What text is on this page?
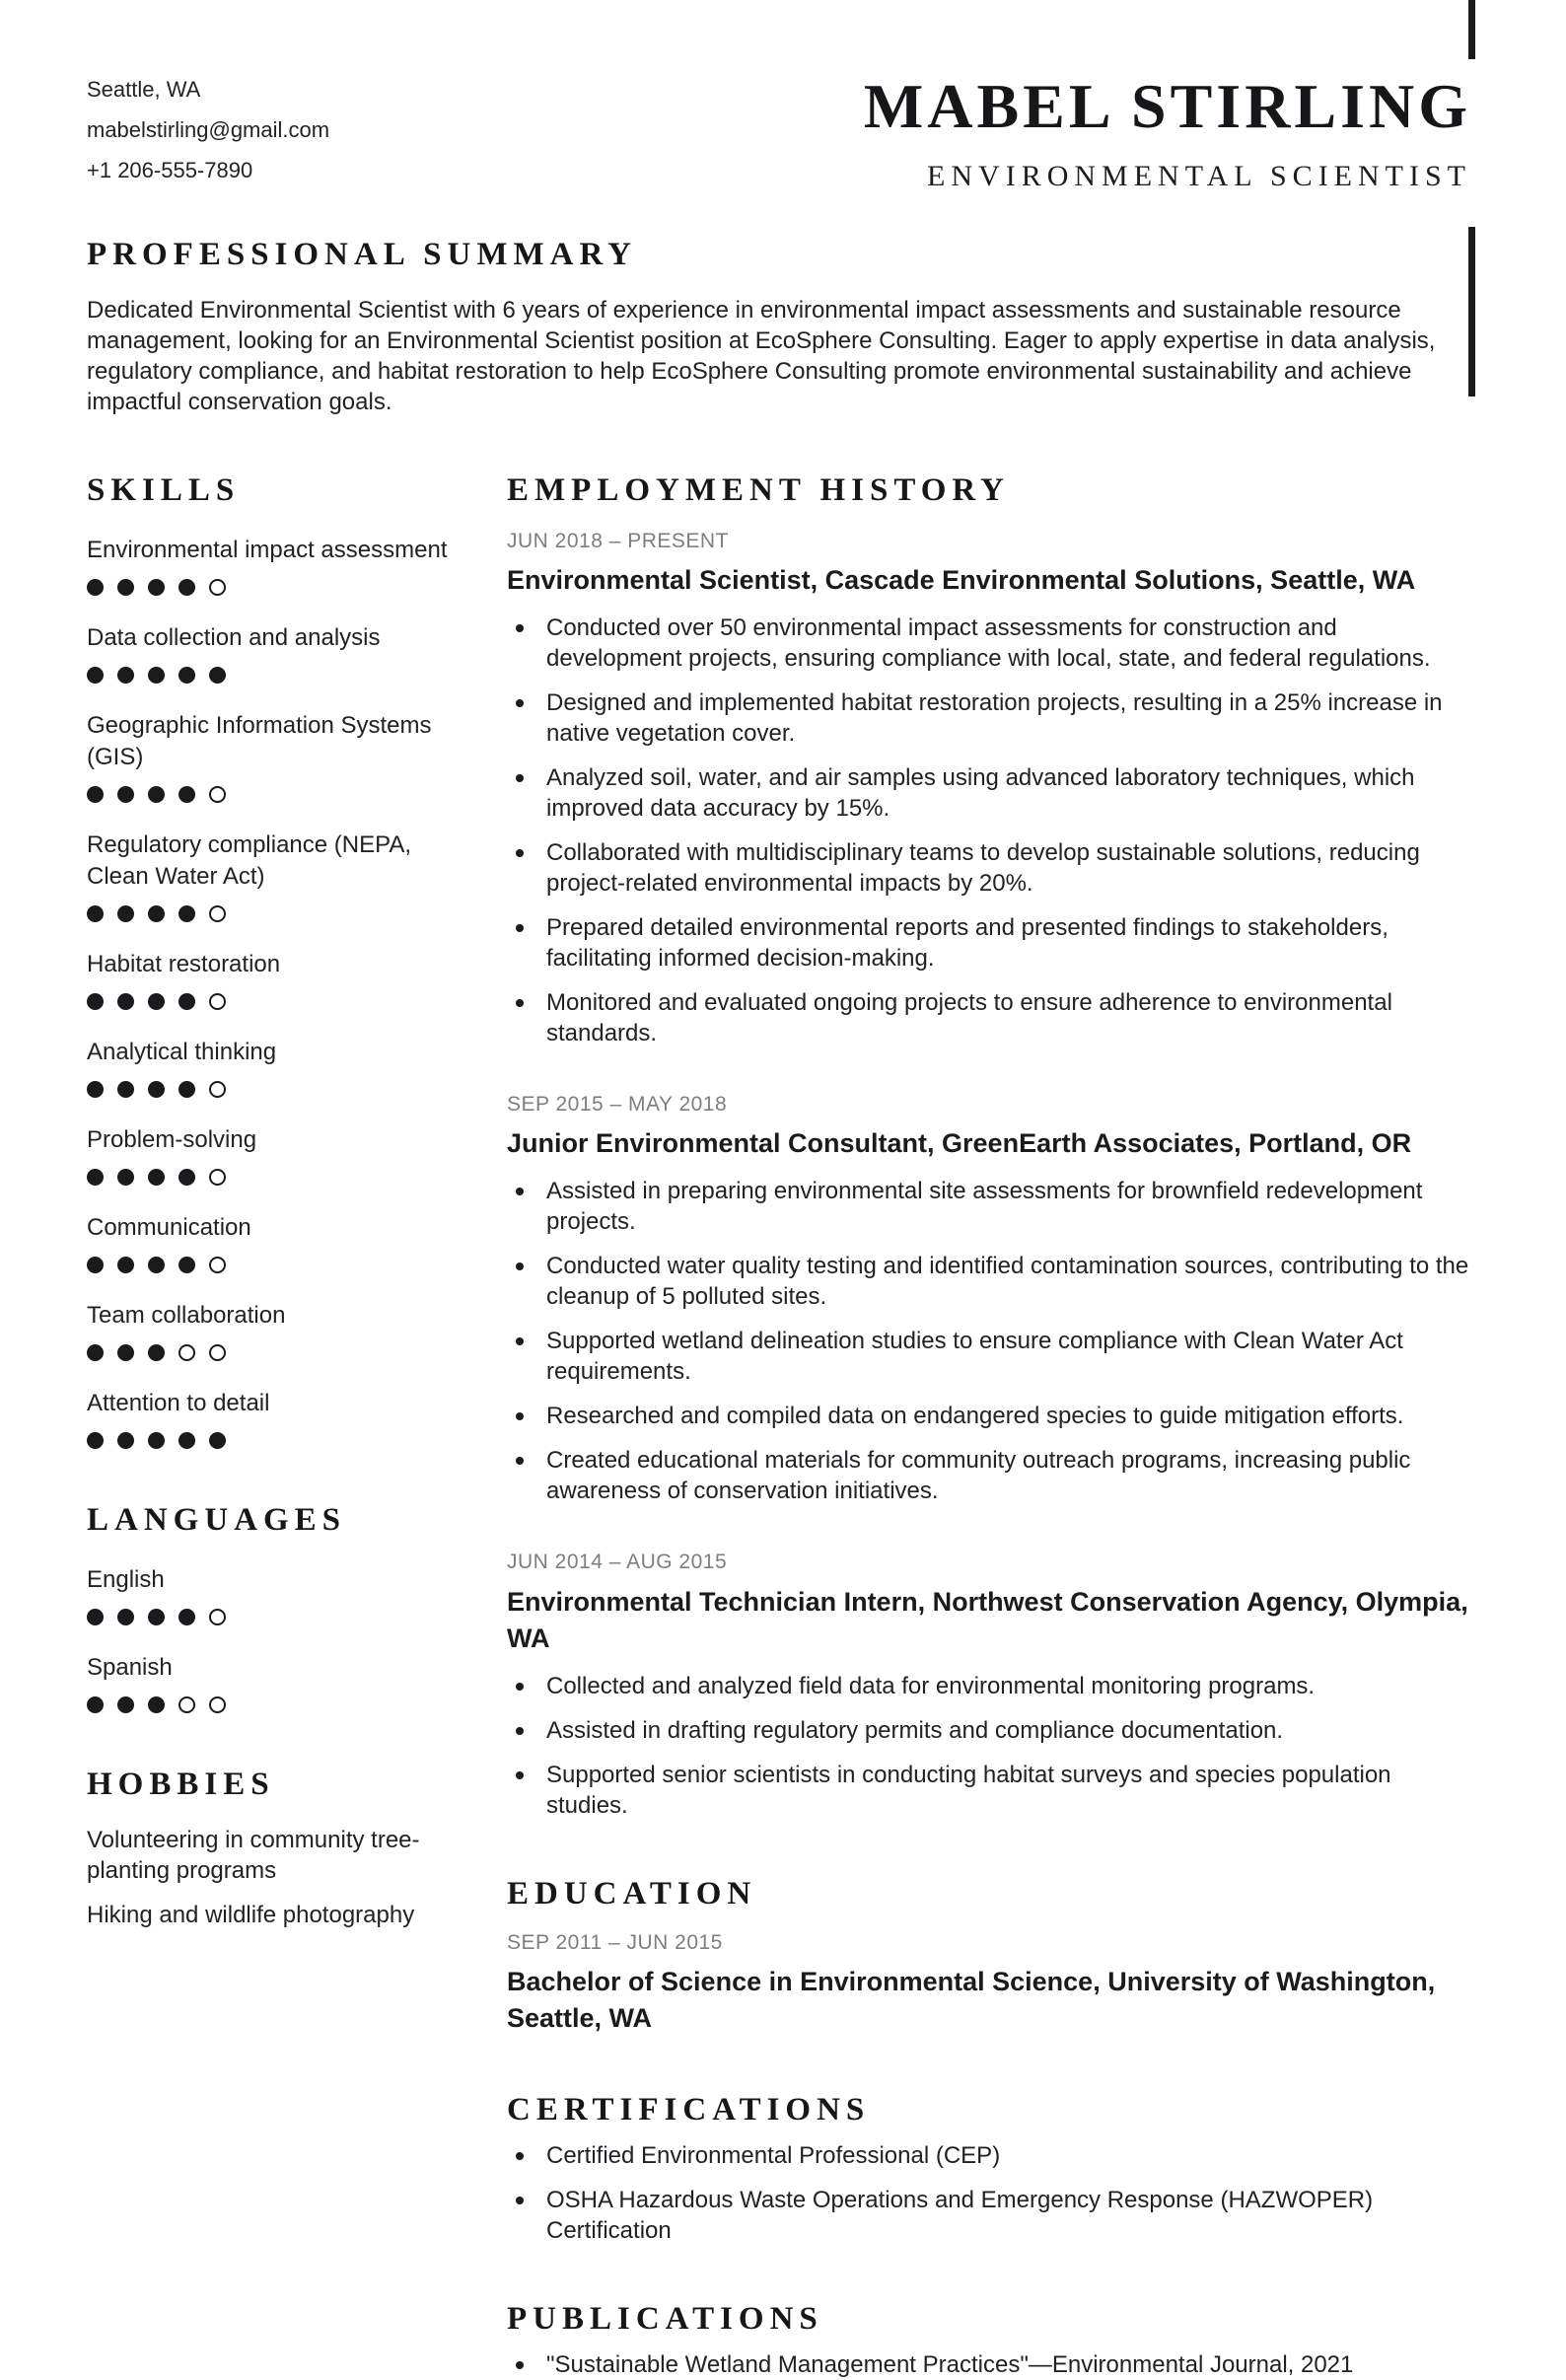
Seattle, WA
mabelstirling@gmail.com
+1 206-555-7890
MABEL STIRLING
ENVIRONMENTAL SCIENTIST
PROFESSIONAL SUMMARY

Dedicated Environmental Scientist with 6 years of experience in environmental impact assessments and sustainable resource management, looking for an Environmental Scientist position at EcoSphere Consulting. Eager to apply expertise in data analysis, regulatory compliance, and habitat restoration to help EcoSphere Consulting promote environmental sustainability and achieve impactful conservation goals.

SKILLS
Environmental impact assessment
Data collection and analysis
Geographic Information Systems (GIS)
Regulatory compliance (NEPA, Clean Water Act)
Habitat restoration
Analytical thinking
Problem-solving
Communication
Team collaboration
Attention to detail
LANGUAGES
English
Spanish
HOBBIES
Volunteering in community tree-planting programs
Hiking and wildlife photography
EMPLOYMENT HISTORY
JUN 2018 – PRESENT
Environmental Scientist, Cascade Environmental Solutions, Seattle, WA
Conducted over 50 environmental impact assessments for construction and development projects, ensuring compliance with local, state, and federal regulations.
Designed and implemented habitat restoration projects, resulting in a 25% increase in native vegetation cover.
Analyzed soil, water, and air samples using advanced laboratory techniques, which improved data accuracy by 15%.
Collaborated with multidisciplinary teams to develop sustainable solutions, reducing project-related environmental impacts by 20%.
Prepared detailed environmental reports and presented findings to stakeholders, facilitating informed decision-making.
Monitored and evaluated ongoing projects to ensure adherence to environmental standards.
SEP 2015 – MAY 2018
Junior Environmental Consultant, GreenEarth Associates, Portland, OR
Assisted in preparing environmental site assessments for brownfield redevelopment projects.
Conducted water quality testing and identified contamination sources, contributing to the cleanup of 5 polluted sites.
Supported wetland delineation studies to ensure compliance with Clean Water Act requirements.
Researched and compiled data on endangered species to guide mitigation efforts.
Created educational materials for community outreach programs, increasing public awareness of conservation initiatives.
JUN 2014 – AUG 2015
Environmental Technician Intern, Northwest Conservation Agency, Olympia, WA
Collected and analyzed field data for environmental monitoring programs.
Assisted in drafting regulatory permits and compliance documentation.
Supported senior scientists in conducting habitat surveys and species population studies.
EDUCATION
SEP 2011 – JUN 2015
Bachelor of Science in Environmental Science, University of Washington, Seattle, WA
CERTIFICATIONS
Certified Environmental Professional (CEP)
OSHA Hazardous Waste Operations and Emergency Response (HAZWOPER) Certification
PUBLICATIONS
"Sustainable Wetland Management Practices"—Environmental Journal, 2021
